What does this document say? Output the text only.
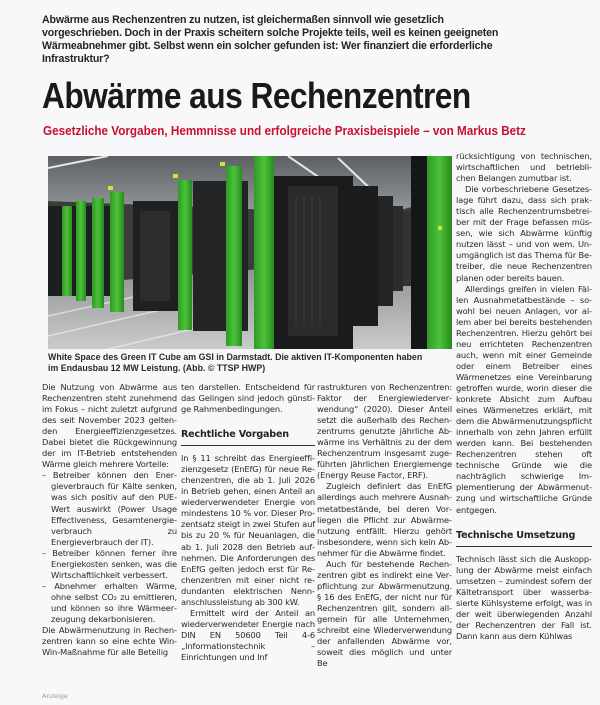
Abwärme aus Rechenzentren zu nutzen, ist gleichermaßen sinnvoll wie gesetzlich vorgeschrieben. Doch in der Praxis scheitern solche Projekte teils, weil es keinen geeigneten Wärmeabnehmer gibt. Selbst wenn ein solcher gefunden ist: Wer finanziert die erforderliche Infrastruktur?
Abwärme aus Rechenzentren
Gesetzliche Vorgaben, Hemmnisse und erfolgreiche Praxisbeispiele – von Markus Betz
White Space des Green IT Cube am GSI in Darmstadt. Die aktiven IT-Komponenten haben im Endausbau 12 MW Leistung. (Abb. © TTSP HWP)

Die Nutzung von Abwärme aus Rechenzentren steht zunehmend im Fokus – nicht zuletzt aufgrund des seit November 2023 geltenden Energieeffizienzgesetzes. Dabei bietet die Rückgewinnung der im IT-Betrieb entstehenden Wärme gleich mehrere Vorteile:

– Betreiber können den Energieverbrauch für Kälte senken, was sich positiv auf den PUE-Wert auswirkt (Power Usage Effectiveness, Gesamtenergieverbrauch zu Energieverbrauch der IT).
– Betreiber können ferner ihre Energiekosten senken, was die Wirtschaftlichkeit verbessert.
– Abnehmer erhalten Wärme, ohne selbst CO₂ zu emittieren, und können so ihre Wärmeerzeugung dekarbonisieren.

Die Abwärmenutzung in Rechenzentren kann so eine echte Win-Win-Maßnahme für alle Beteilig

ten darstellen. Entscheidend für das Gelingen sind jedoch günstige Rahmenbedingungen.

Rechtliche Vorgaben

In § 11 schreibt das Energieeffizienzgesetz (EnEfG) für neue Rechenzentren, die ab 1. Juli 2026 in Betrieb gehen, einen Anteil an wiederverwendeter Energie von mindestens 10 % vor. Dieser Prozentsatz steigt in zwei Stufen auf bis zu 20 % für Neuanlagen, die ab 1. Juli 2028 den Betrieb aufnehmen. Die Anforderungen des EnEfG gelten jedoch erst für Rechenzentren mit einer nicht redundanten elektrischen Nennanschlussleistung ab 300 kW.

Ermittelt wird der Anteil an wiederverwendeter Energie nach DIN EN 50600 Teil 4-6 „Informationstechnik – Einrichtungen und Inf

rastrukturen von Rechenzentren: Faktor der Energiewiederverwendung“ (2020). Dieser Anteil setzt die außerhalb des Rechenzentrums genutzte jährliche Abwärme ins Verhältnis zu der dem Rechenzentrum insgesamt zugeführten jährlichen Energiemenge (Energy Reuse Factor, ERF).

Zugleich definiert das EnEfG allerdings auch mehrere Ausnahmetatbestände, bei deren Vorliegen die Pflicht zur Abwärmenutzung entfällt. Hierzu gehört insbesondere, wenn sich kein Abnehmer für die Abwärme findet.

Auch für bestehende Rechenzentren gibt es indirekt eine Verpflichtung zur Abwärmenutzung. § 16 des EnEfG, der nicht nur für Rechenzentren gilt, sondern allgemein für alle Unternehmen, schreibt eine Wiederverwendung der anfallenden Abwärme vor, soweit dies möglich und unter Be

rücksichtigung von technischen, wirtschaftlichen und betrieblichen Belangen zumutbar ist.

Die vorbeschriebene Gesetzeslage führt dazu, dass sich praktisch alle Rechenzentrumsbetreiber mit der Frage befassen müssen, wie sich Abwärme künftig nutzen lässt – und von wem. Unumgänglich ist das Thema für Betreiber, die neue Rechenzentren planen oder bereits bauen.

Allerdings greifen in vielen Fällen Ausnahmetatbestände – sowohl bei neuen Anlagen, vor allem aber bei bereits bestehenden Rechenzentren. Hierzu gehört bei neu errichteten Rechenzentren auch, wenn mit einer Gemeinde oder einem Betreiber eines Wärmenetzes eine Vereinbarung getroffen wurde, worin dieser die konkrete Absicht zum Aufbau eines Wärmenetzes erklärt, mit dem die Abwärmenutzungspflicht innerhalb von zehn Jahren erfüllt werden kann. Bei bestehenden Rechenzentren stehen oft technische Gründe wie die nachträglich schwierige Implementierung der Abwärmenutzung und wirtschaftliche Gründe entgegen.

Technische Umsetzung

Technisch lässt sich die Auskopplung der Abwärme meist einfach umsetzen – zumindest sofern der Kältetransport über wasserbasierte Kühlsysteme erfolgt, was in der weit überwiegenden Anzahl der Rechenzentren der Fall ist. Dann kann aus dem Kühlwas

Anzeige
